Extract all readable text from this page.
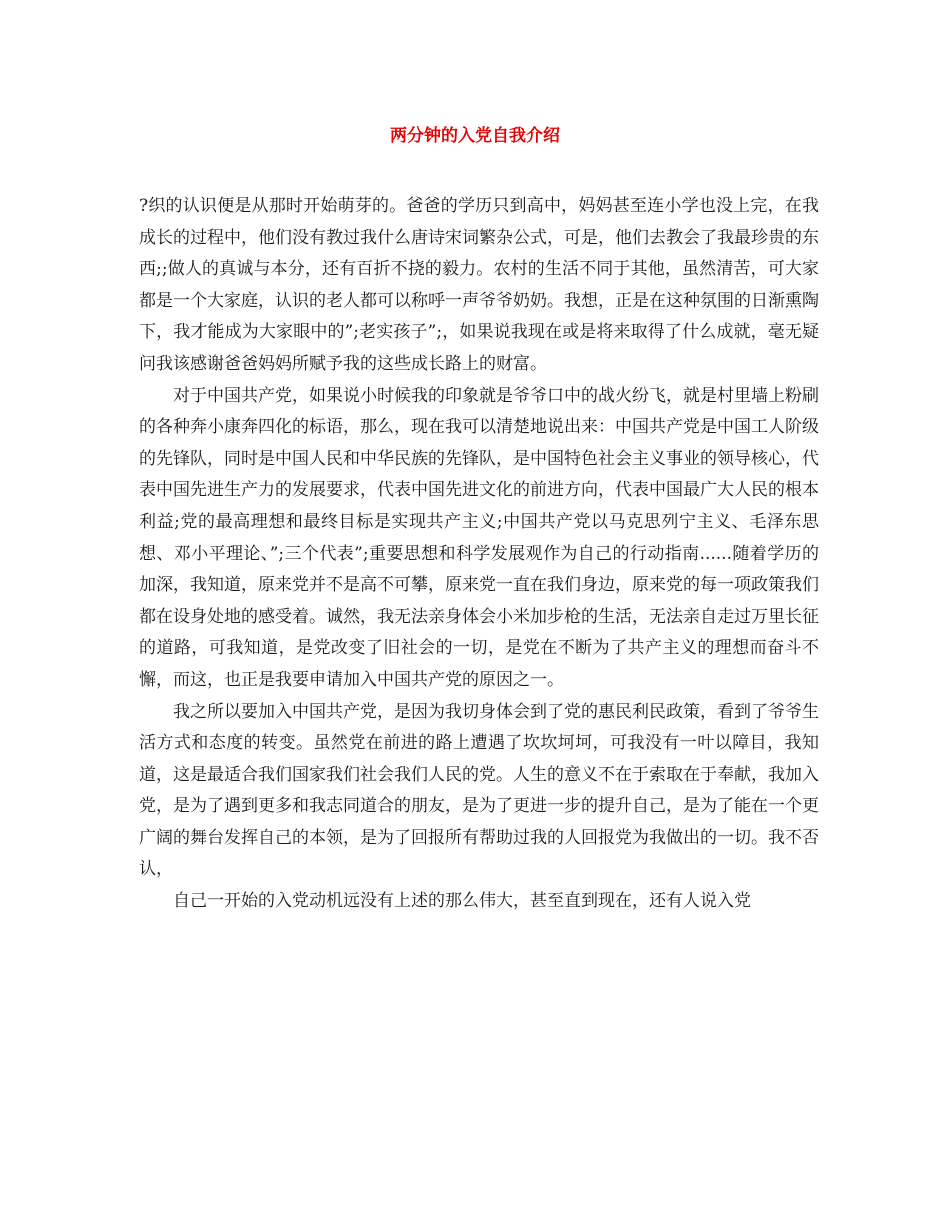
两分钟的入党自我介绍

?织的认识便是从那时开始萌芽的。爸爸的学历只到高中，妈妈甚至连小学也没上完，在我成长的过程中，他们没有教过我什么唐诗宋词繁杂公式，可是，他们去教会了我最珍贵的东西;;做人的真诚与本分，还有百折不挠的毅力。农村的生活不同于其他，虽然清苦，可大家都是一个大家庭，认识的老人都可以称呼一声爷爷奶奶。我想，正是在这种氛围的日渐熏陶下，我才能成为大家眼中的”;老实孩子”;，如果说我现在或是将来取得了什么成就，毫无疑问我该感谢爸爸妈妈所赋予我的这些成长路上的财富。

对于中国共产党，如果说小时候我的印象就是爷爷口中的战火纷飞，就是村里墙上粉刷的各种奔小康奔四化的标语，那么，现在我可以清楚地说出来：中国共产党是中国工人阶级的先锋队，同时是中国人民和中华民族的先锋队，是中国特色社会主义事业的领导核心，代表中国先进生产力的发展要求，代表中国先进文化的前进方向，代表中国最广大人民的根本利益;党的最高理想和最终目标是实现共产主义;中国共产党以马克思列宁主义、毛泽东思想、邓小平理论、”;三个代表”;重要思想和科学发展观作为自己的行动指南......随着学历的加深，我知道，原来党并不是高不可攀，原来党一直在我们身边，原来党的每一项政策我们都在设身处地的感受着。诚然，我无法亲身体会小米加步枪的生活，无法亲自走过万里长征的道路，可我知道，是党改变了旧社会的一切，是党在不断为了共产主义的理想而奋斗不懈，而这，也正是我要申请加入中国共产党的原因之一。

我之所以要加入中国共产党，是因为我切身体会到了党的惠民利民政策，看到了爷爷生活方式和态度的转变。虽然党在前进的路上遭遇了坎坎坷坷，可我没有一叶以障目，我知道，这是最适合我们国家我们社会我们人民的党。人生的意义不在于索取在于奉献，我加入党，是为了遇到更多和我志同道合的朋友，是为了更进一步的提升自己，是为了能在一个更广阔的舞台发挥自己的本领，是为了回报所有帮助过我的人回报党为我做出的一切。我不否认，

自己一开始的入党动机远没有上述的那么伟大，甚至直到现在，还有人说入党
